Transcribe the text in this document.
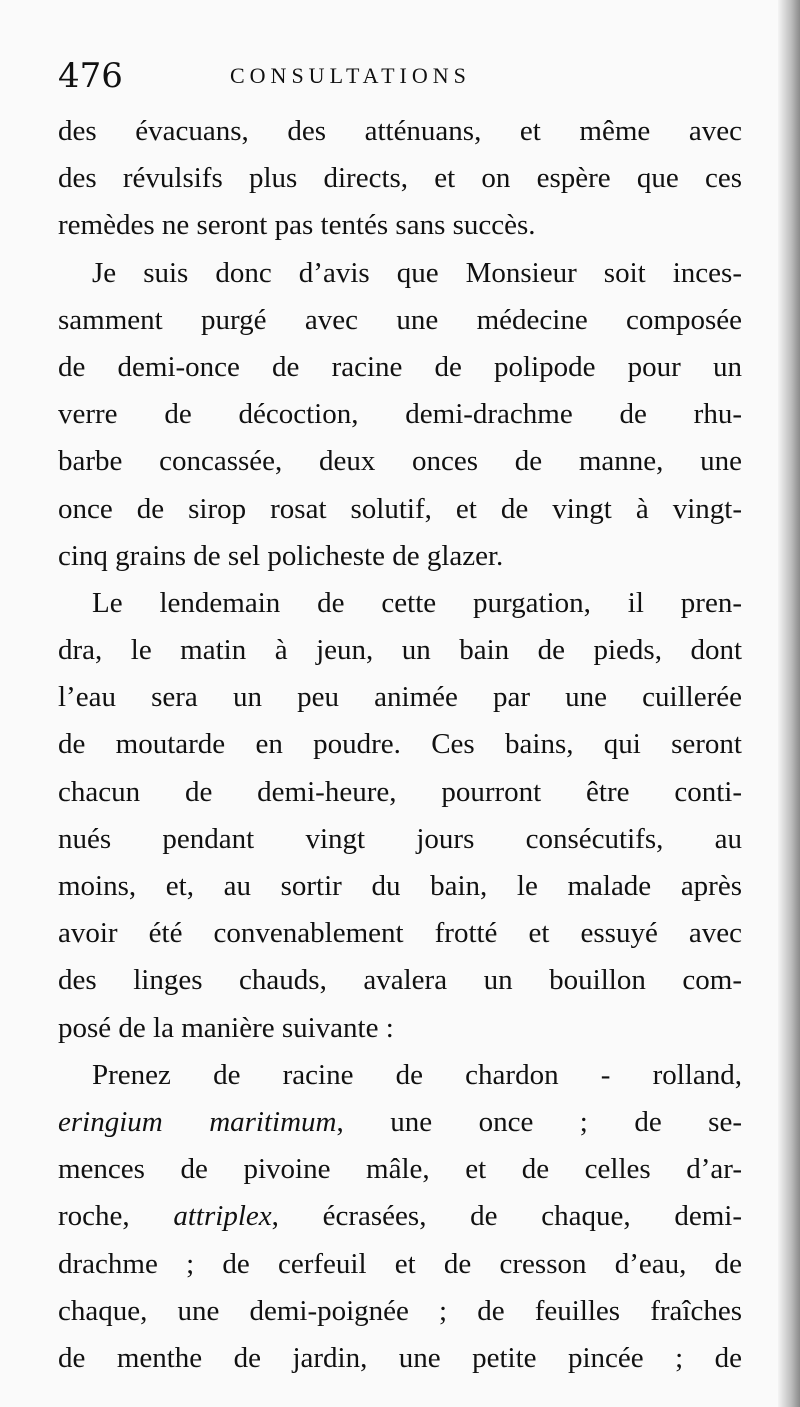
476	CONSULTATIONS
des évacuans, des atténuans, et même avec
des révulsifs plus directs, et on espère que ces
remèdes ne seront pas tentés sans succès.
Je suis donc d’avis que Monsieur soit inces-
samment purgé avec une médecine composée
de demi-once de racine de polipode pour un
verre de décoction, demi-drachme de rhu-
barbe concassée, deux onces de manne, une
once de sirop rosat solutif, et de vingt à vingt-
cinq grains de sel policheste de glazer.
Le lendemain de cette purgation, il pren-
dra, le matin à jeun, un bain de pieds, dont
l’eau sera un peu animée par une cuillerée
de moutarde en poudre. Ces bains, qui seront
chacun de demi-heure, pourront être conti-
nués pendant vingt jours consécutifs, au
moins, et, au sortir du bain, le malade après
avoir été convenablement frotté et essuyé avec
des linges chauds, avalera un bouillon com-
posé de la manière suivante :
Prenez de racine de chardon - rolland,
eringium maritimum, une once ; de se-
mences de pivoine mâle, et de celles d’ar-
roche, attriplex, écrasées, de chaque, demi-
drachme ; de cerfeuil et de cresson d’eau, de
chaque, une demi-poignée ; de feuilles fraîches
de menthe de jardin, une petite pincée ; de
